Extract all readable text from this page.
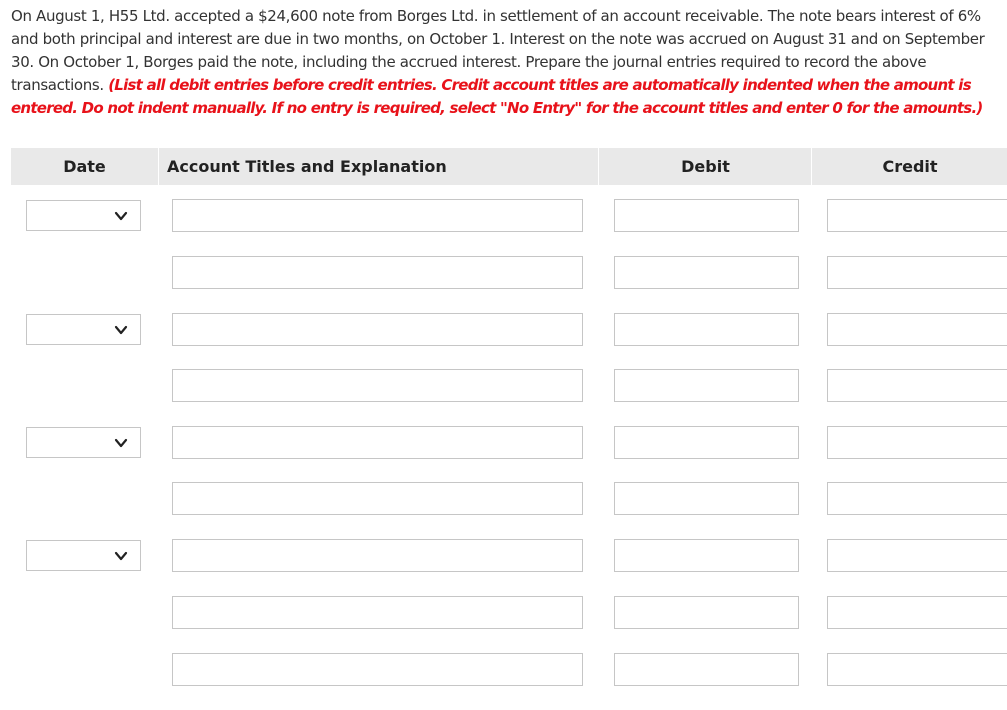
On August 1, H55 Ltd. accepted a $24,600 note from Borges Ltd. in settlement of an account receivable. The note bears interest of 6% and both principal and interest are due in two months, on October 1. Interest on the note was accrued on August 31 and on September 30. On October 1, Borges paid the note, including the accrued interest. Prepare the journal entries required to record the above transactions. (List all debit entries before credit entries. Credit account titles are automatically indented when the amount is entered. Do not indent manually. If no entry is required, select "No Entry" for the account titles and enter 0 for the amounts.)
Date	Account Titles and Explanation	Debit	Credit
